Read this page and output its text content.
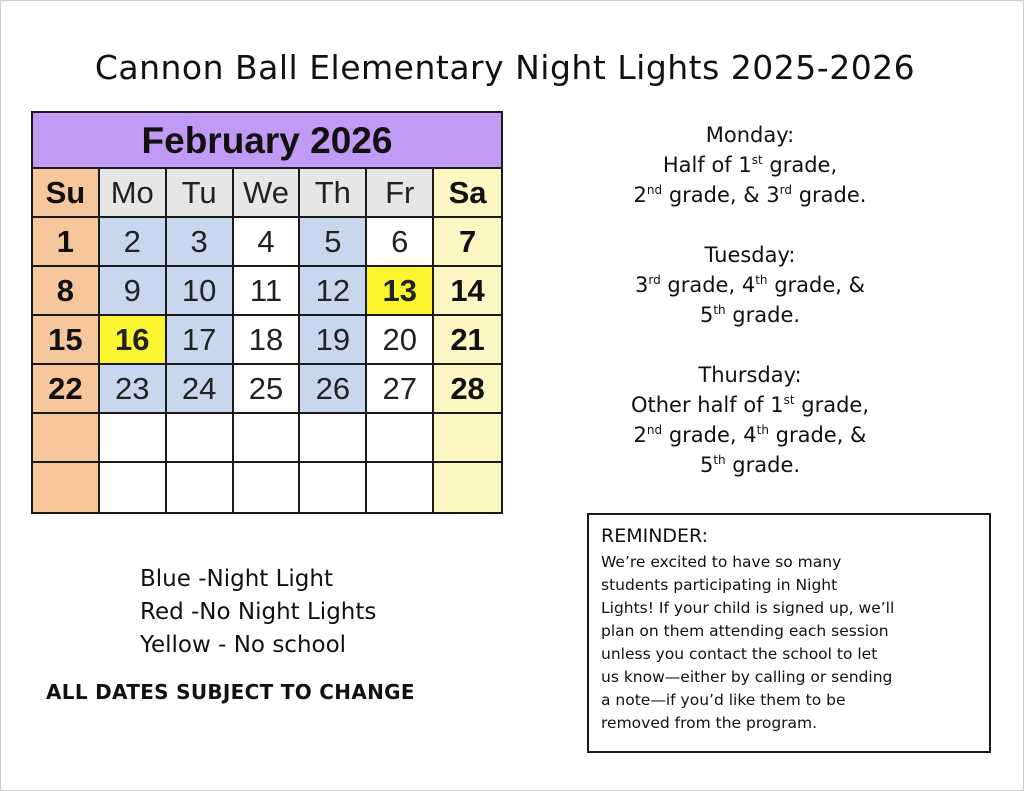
Cannon Ball Elementary Night Lights 2025-2026
February 2026
Su Mo Tu We Th	Fr	Sa
1	2	3	4	5	6	7
8	9	10	11	12	13	14
15	16	17	18	19	20	21
22	23	24	25	26	27	28
Monday:
Half of 1st grade,
2nd grade, & 3rd grade.
Tuesday:
3rd grade, 4th grade, &
5th grade.
Thursday:
Other half of 1st grade,
2nd grade, 4th grade, &
5th grade.
Blue -Night Light
Red -No Night Lights
Yellow - No school
ALL DATES SUBJECT TO CHANGE
REMINDER:
We’re excited to have so many
students participating in Night
Lights! If your child is signed up, we’ll
plan on them attending each session
unless you contact the school to let
us know—either by calling or sending
a note—if you’d like them to be
removed from the program.
